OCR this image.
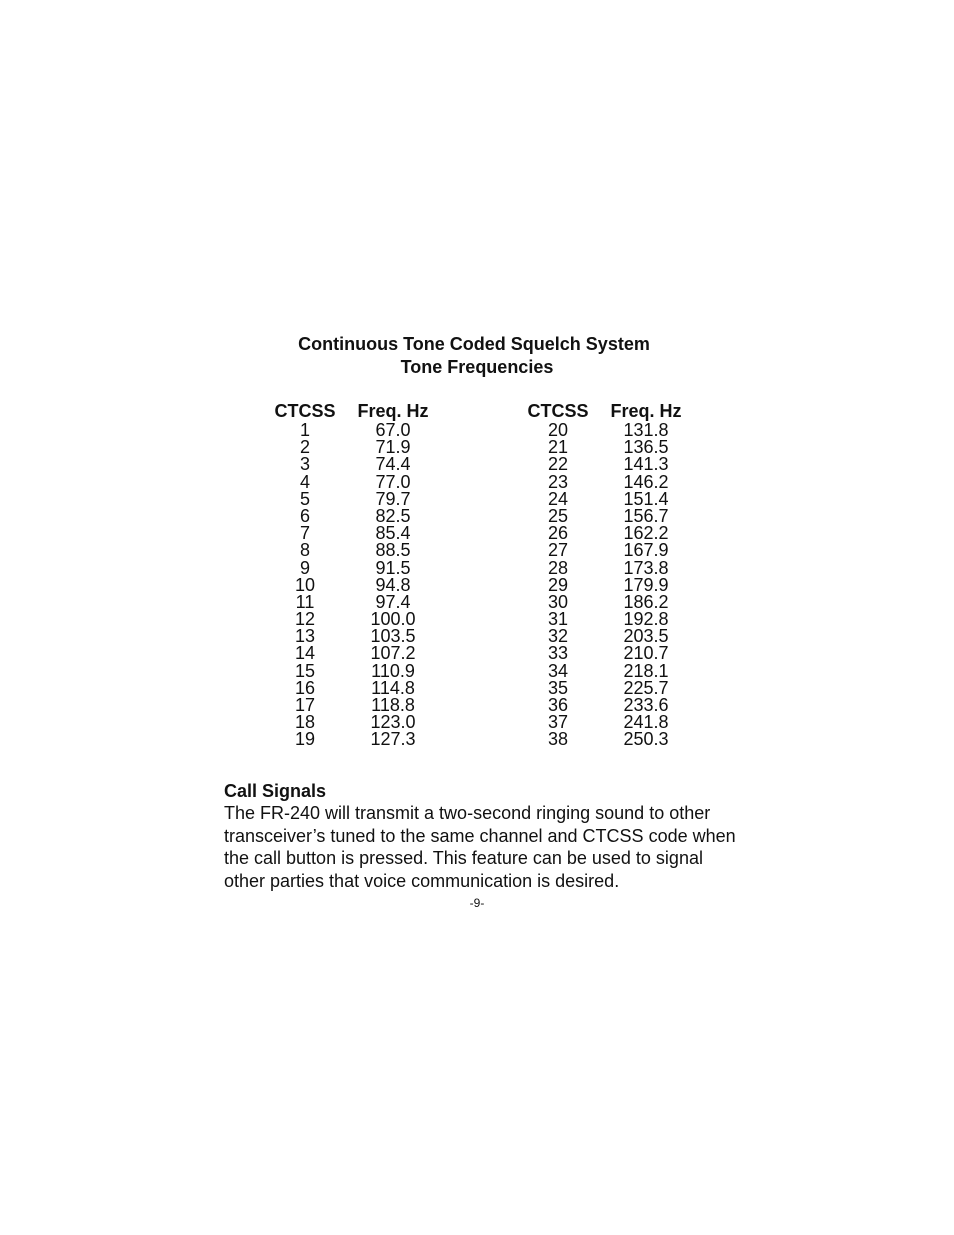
Continuous Tone Coded Squelch System
Tone Frequencies
CTCSS Freq. Hz
1	67.0
2	71.9
3	74.4
4	77.0
5	79.7
6	82.5
7	85.4
8	88.5
9	91.5
10	94.8
11	97.4
12	100.0
13	103.5
14	107.2
15	110.9
16	114.8
17	118.8
18	123.0
19	127.3
CTCSS Freq. Hz
20	131.8
21	136.5
22	141.3
23	146.2
24	151.4
25	156.7
26	162.2
27	167.9
28	173.8
29	179.9
30	186.2
31	192.8
32	203.5
33	210.7
34	218.1
35	225.7
36	233.6
37	241.8
38	250.3
Call Signals

The FR-240 will transmit a two-second ringing sound to other
transceiver’s tuned to the same channel and CTCSS code when
the call button is pressed. This feature can be used to signal
other parties that voice communication is desired.

-9-
